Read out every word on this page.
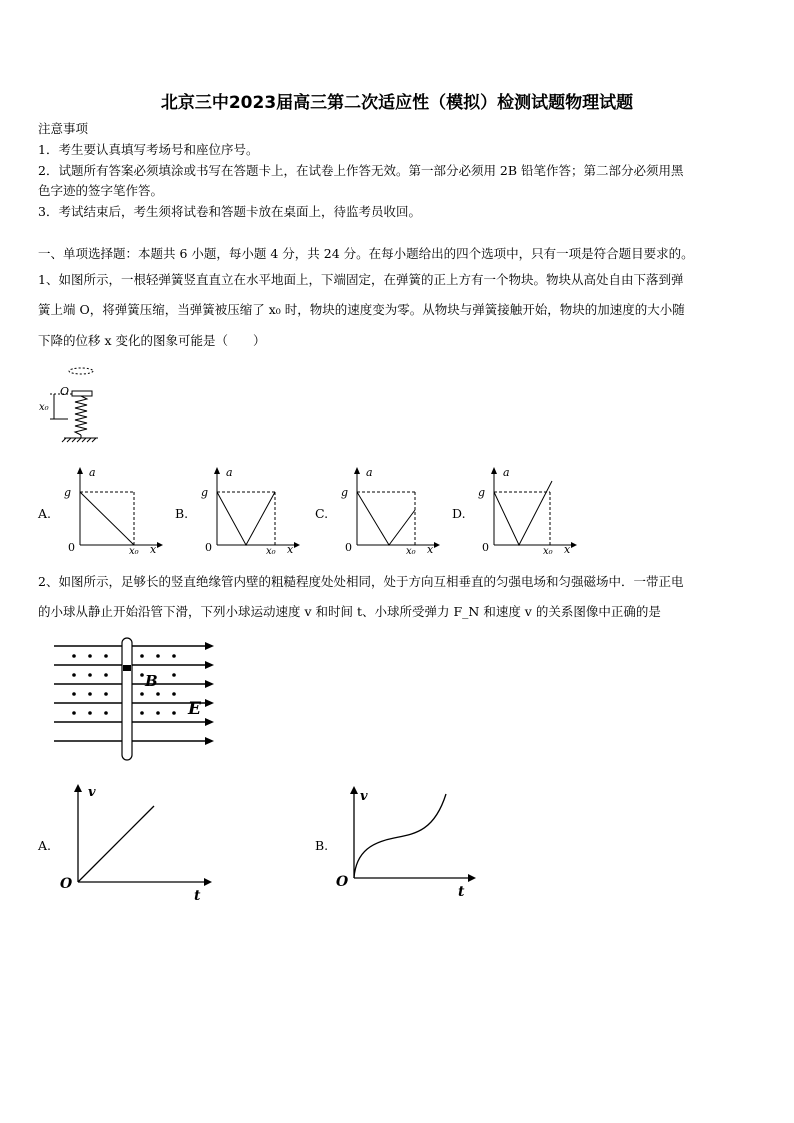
北京三中2023届高三第二次适应性（模拟）检测试题物理试题
注意事项
1．考生要认真填写考场号和座位序号。
2．试题所有答案必须填涂或书写在答题卡上，在试卷上作答无效。第一部分必须用 2B 铅笔作答；第二部分必须用黑
色字迹的签字笔作答。
3．考试结束后，考生须将试卷和答题卡放在桌面上，待监考员收回。
一、单项选择题：本题共 6 小题，每小题 4 分，共 24 分。在每小题给出的四个选项中，只有一项是符合题目要求的。
1、如图所示，一根轻弹簧竖直直立在水平地面上，下端固定，在弹簧的正上方有一个物块。物块从高处自由下落到弹
簧上端 O，将弹簧压缩，当弹簧被压缩了 x₀ 时，物块的速度变为零。从物块与弹簧接触开始，物块的加速度的大小随
下降的位移 x 变化的图象可能是（　　）
O
x₀
A.
a
g
0	x₀ x
B.
a
g
0	x₀ x
C.
a
g
0	x₀ x
D.
a
g
0	x₀ x
2、如图所示，足够长的竖直绝缘管内壁的粗糙程度处处相同，处于方向互相垂直的匀强电场和匀强磁场中．一带正电
的小球从静止开始沿管下滑，下列小球运动速度 v 和时间 t、小球所受弹力 F_N 和速度 v 的关系图像中正确的是
B
E
A.
v
O
t
B.
v
O
t
